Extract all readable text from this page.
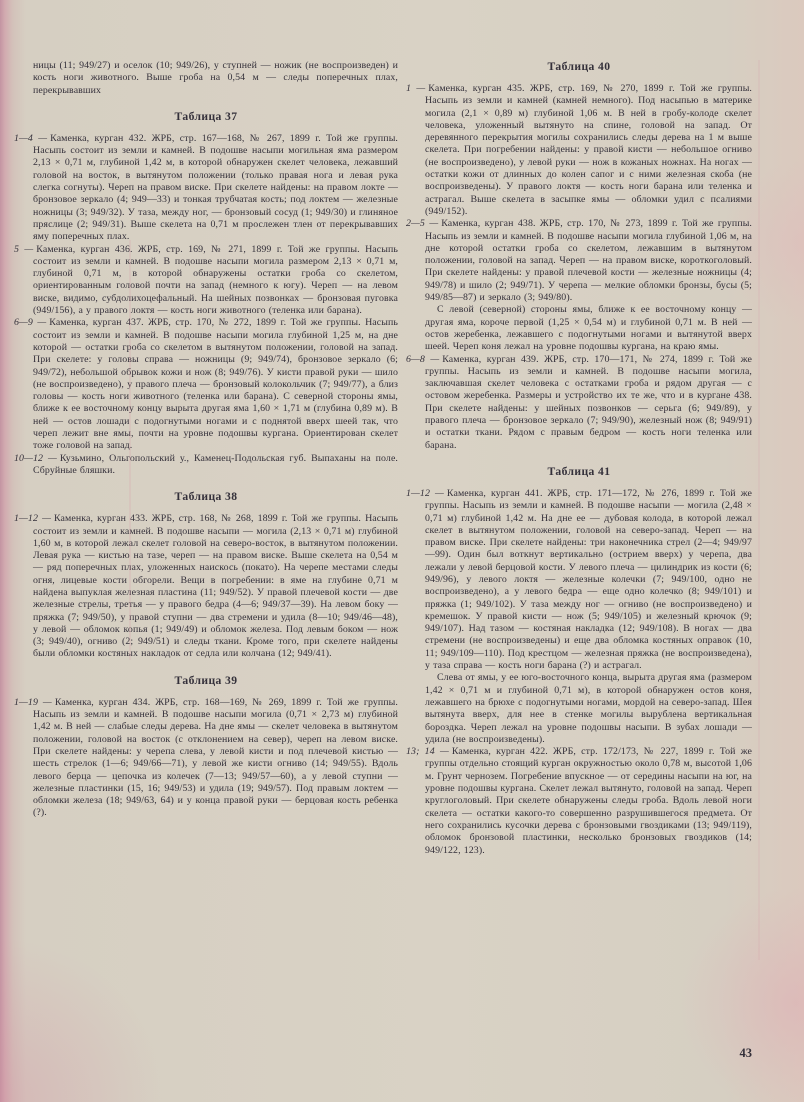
ницы (11; 949/27) и оселок (10; 949/26), у ступней — ножик (не воспроизведен) и кость ноги животного. Выше гроба на 0,54 м — следы поперечных плах, перекрывавших

Таблица 37

1—4 — Каменка, курган 432. ЖРБ, стр. 167—168, № 267, 1899 г. Той же группы. Насыпь состоит из земли и камней. В подошве насыпи могильная яма размером 2,13 × 0,71 м, глубиной 1,42 м, в которой обнаружен скелет человека, лежавший головой на восток, в вытянутом положении (только правая нога и левая рука слегка согнуты). Череп на правом виске. При скелете найдены: на правом локте — бронзовое зеркало (4; 949—33) и тонкая трубчатая кость; под локтем — железные ножницы (3; 949/32). У таза, между ног, — бронзовый сосуд (1; 949/30) и глиняное пряслице (2; 949/31). Выше скелета на 0,71 м прослежен тлен от перекрывавших яму поперечных плах.

5 — Каменка, курган 436. ЖРБ, стр. 169, № 271, 1899 г. Той же группы. Насыпь состоит из земли и камней. В подошве насыпи могила размером 2,13 × 0,71 м, глубиной 0,71 м, в которой обнаружены остатки гроба со скелетом, ориентированным головой почти на запад (немного к югу). Череп — на левом виске, видимо, субдолихоцефальный. На шейных позвонках — бронзовая пуговка (949/156), а у правого локтя — кость ноги животного (теленка или барана).

6—9 — Каменка, курган 437. ЖРБ, стр. 170, № 272, 1899 г. Той же группы. Насыпь состоит из земли и камней. В подошве насыпи могила глубиной 1,25 м, на дне которой — остатки гроба со скелетом в вытянутом положении, головой на запад. При скелете: у головы справа — ножницы (9; 949/74), бронзовое зеркало (6; 949/72), небольшой обрывок кожи и нож (8; 949/76). У кисти правой руки — шило (не воспроизведено), у правого плеча — бронзовый колокольчик (7; 949/77), а близ головы — кость ноги животного (теленка или барана). С северной стороны ямы, ближе к ее восточному концу вырыта другая яма 1,60 × 1,71 м (глубина 0,89 м). В ней — остов лошади с подогнутыми ногами и с поднятой вверх шеей так, что череп лежит вне ямы, почти на уровне подошвы кургана. Ориентирован скелет тоже головой на запад.

10—12 — Кузьмино, Ольгопольский у., Каменец-Подольская губ. Выпаханы на поле. Сбруйные бляшки.

Таблица 38

1—12 — Каменка, курган 433. ЖРБ, стр. 168, № 268, 1899 г. Той же группы. Насыпь состоит из земли и камней. В подошве насыпи — могила (2,13 × 0,71 м) глубиной 1,60 м, в которой лежал скелет головой на северо-восток, в вытянутом положении. Левая рука — кистью на тазе, череп — на правом виске. Выше скелета на 0,54 м — ряд поперечных плах, уложенных наискось (покато). На черепе местами следы огня, лицевые кости обгорели. Вещи в погребении: в яме на глубине 0,71 м найдена выпуклая железная пластина (11; 949/52). У правой плечевой кости — две железные стрелы, третья — у правого бедра (4—6; 949/37—39). На левом боку — пряжка (7; 949/50), у правой ступни — два стремени и удила (8—10; 949/46—48), у левой — обломок копья (1; 949/49) и обломок железа. Под левым боком — нож (3; 949/40), огниво (2; 949/51) и следы ткани. Кроме того, при скелете найдены были обломки костяных накладок от седла или колчана (12; 949/41).

Таблица 39

1—19 — Каменка, курган 434. ЖРБ, стр. 168—169, № 269, 1899 г. Той же группы. Насыпь из земли и камней. В подошве насыпи могила (0,71 × 2,73 м) глубиной 1,42 м. В ней — слабые следы дерева. На дне ямы — скелет человека в вытянутом положении, головой на восток (с отклонением на север), череп на левом виске. При скелете найдены: у черепа слева, у левой кисти и под плечевой кистью — шесть стрелок (1—6; 949/66—71), у левой же кисти огниво (14; 949/55). Вдоль левого берца — цепочка из колечек (7—13; 949/57—60), а у левой ступни — железные пластинки (15, 16; 949/53) и удила (19; 949/57). Под правым локтем — обломки железа (18; 949/63, 64) и у конца правой руки — берцовая кость ребенка (?).

Таблица 40

1 — Каменка, курган 435. ЖРБ, стр. 169, № 270, 1899 г. Той же группы. Насыпь из земли и камней (камней немного). Под насыпью в материке могила (2,1 × 0,89 м) глубиной 1,06 м. В ней в гробу-колоде скелет человека, уложенный вытянуто на спине, головой на запад. От деревянного перекрытия могилы сохранились следы дерева на 1 м выше скелета. При погребении найдены: у правой кисти — небольшое огниво (не воспроизведено), у левой руки — нож в кожаных ножнах. На ногах — остатки кожи от длинных до колен сапог и с ними железная скоба (не воспроизведены). У правого локтя — кость ноги барана или теленка и астрагал. Выше скелета в засыпке ямы — обломки удил с псалиями (949/152).

2—5 — Каменка, курган 438. ЖРБ, стр. 170, № 273, 1899 г. Той же группы. Насыпь из земли и камней. В подошве насыпи могила глубиной 1,06 м, на дне которой остатки гроба со скелетом, лежавшим в вытянутом положении, головой на запад. Череп — на правом виске, короткоголовый. При скелете найдены: у правой плечевой кости — железные ножницы (4; 949/78) и шило (2; 949/71). У черепа — мелкие обломки бронзы, бусы (5; 949/85—87) и зеркало (3; 949/80).

С левой (северной) стороны ямы, ближе к ее восточному концу — другая яма, короче первой (1,25 × 0,54 м) и глубиной 0,71 м. В ней — остов жеребенка, лежавшего с подогнутыми ногами и вытянутой вверх шеей. Череп коня лежал на уровне подошвы кургана, на краю ямы.

6—8 — Каменка, курган 439. ЖРБ, стр. 170—171, № 274, 1899 г. Той же группы. Насыпь из земли и камней. В подошве насыпи могила, заключавшая скелет человека с остатками гроба и рядом другая — с остовом жеребенка. Размеры и устройство их те же, что и в кургане 438. При скелете найдены: у шейных позвонков — серьга (6; 949/89), у правого плеча — бронзовое зеркало (7; 949/90), железный нож (8; 949/91) и остатки ткани. Рядом с правым бедром — кость ноги теленка или барана.

Таблица 41

1—12 — Каменка, курган 441. ЖРБ, стр. 171—172, № 276, 1899 г. Той же группы. Насыпь из земли и камней. В подошве насыпи — могила (2,48 × 0,71 м) глубиной 1,42 м. На дне ее — дубовая колода, в которой лежал скелет в вытянутом положении, головой на северо-запад. Череп — на правом виске. При скелете найдены: три наконечника стрел (2—4; 949/97—99). Один был воткнут вертикально (острием вверх) у черепа, два лежали у левой берцовой кости. У левого плеча — цилиндрик из кости (6; 949/96), у левого локтя — железные колечки (7; 949/100, одно не воспроизведено), а у левого бедра — еще одно колечко (8; 949/101) и пряжка (1; 949/102). У таза между ног — огниво (не воспроизведено) и кремешок. У правой кисти — нож (5; 949/105) и железный крючок (9; 949/107). Над тазом — костяная накладка (12; 949/108). В ногах — два стремени (не воспроизведены) и еще два обломка костяных оправок (10, 11; 949/109—110). Под крестцом — железная пряжка (не воспроизведена), у таза справа — кость ноги барана (?) и астрагал.

Слева от ямы, у ее юго-восточного конца, вырыта другая яма (размером 1,42 × 0,71 м и глубиной 0,71 м), в которой обнаружен остов коня, лежавшего на брюхе с подогнутыми ногами, мордой на северо-запад. Шея вытянута вверх, для нее в стенке могилы вырублена вертикальная бороздка. Череп лежал на уровне подошвы насыпи. В зубах лошади — удила (не воспроизведены).

13; 14 — Каменка, курган 422. ЖРБ, стр. 172/173, № 227, 1899 г. Той же группы отдельно стоящий курган окружностью около 0,78 м, высотой 1,06 м. Грунт чернозем. Погребение впускное — от середины насыпи на юг, на уровне подошвы кургана. Скелет лежал вытянуто, головой на запад. Череп круглоголовый. При скелете обнаружены следы гроба. Вдоль левой ноги скелета — остатки какого-то совершенно разрушившегося предмета. От него сохранились кусочки дерева с бронзовыми гвоздиками (13; 949/119), обломок бронзовой пластинки, несколько бронзовых гвоздиков (14; 949/122, 123).

43
